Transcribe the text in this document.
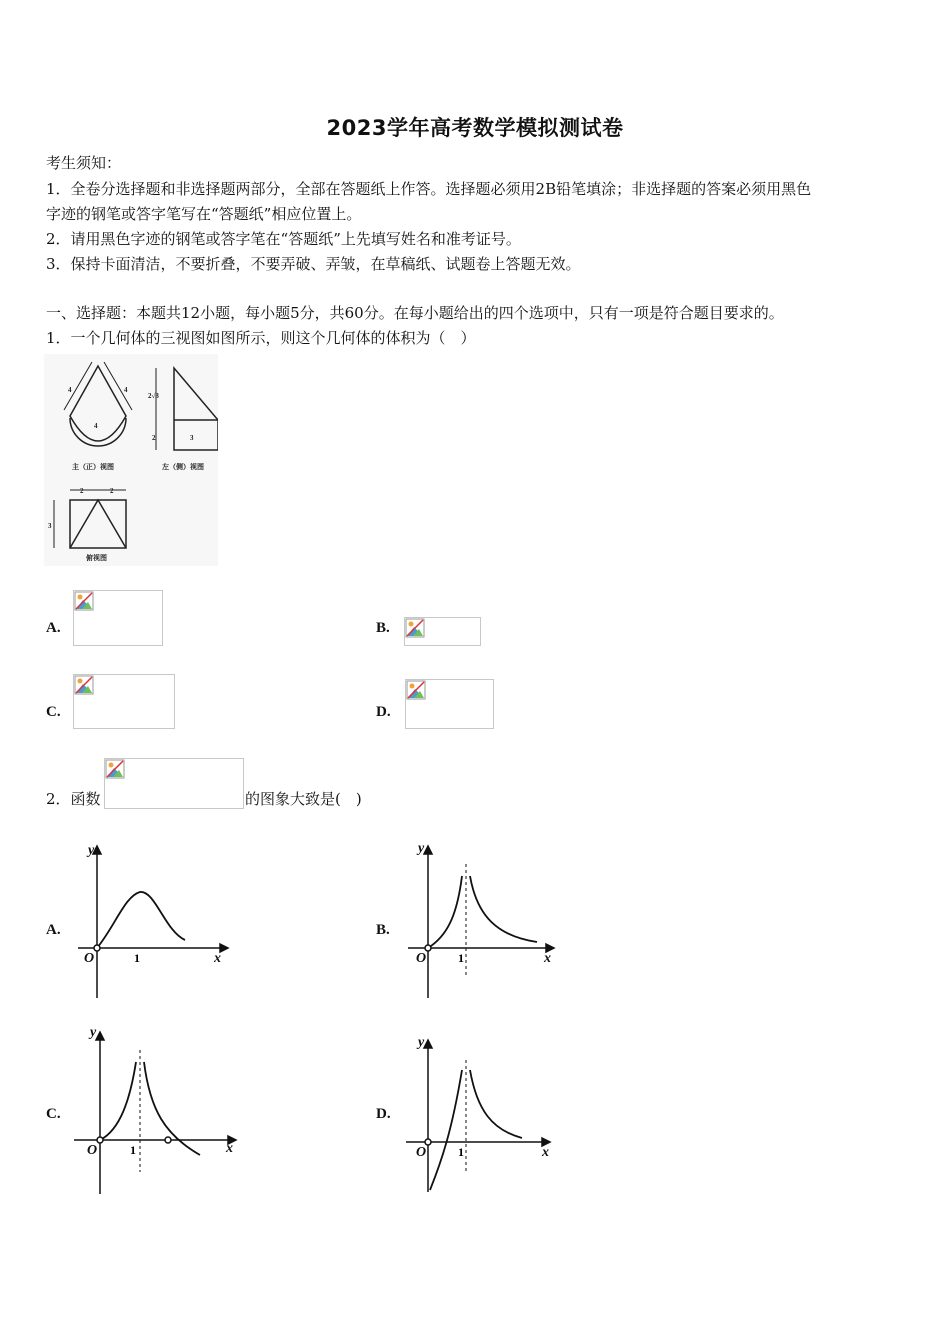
2023学年高考数学模拟测试卷
考生须知：
1．全卷分选择题和非选择题两部分，全部在答题纸上作答。选择题必须用2B铅笔填涂；非选择题的答案必须用黑色
字迹的钢笔或答字笔写在“答题纸”相应位置上。
2．请用黑色字迹的钢笔或答字笔在“答题纸”上先填写姓名和准考证号。
3．保持卡面清洁，不要折叠，不要弄破、弄皱，在草稿纸、试题卷上答题无效。
一、选择题：本题共12小题，每小题5分，共60分。在每小题给出的四个选项中，只有一项是符合题目要求的。
1．一个几何体的三视图如图所示，则这个几何体的体积为（　）
4	4
4
2√3
2	3
2	2
3
主（正）视图	左（侧）视图
俯视图
A.	B.
C.	D.
2．函数	的图象大致是(　)
A.
y
x
O	1
B.
y
x
O	1
C.
y
x
O	1
D.
y
x
O	1
